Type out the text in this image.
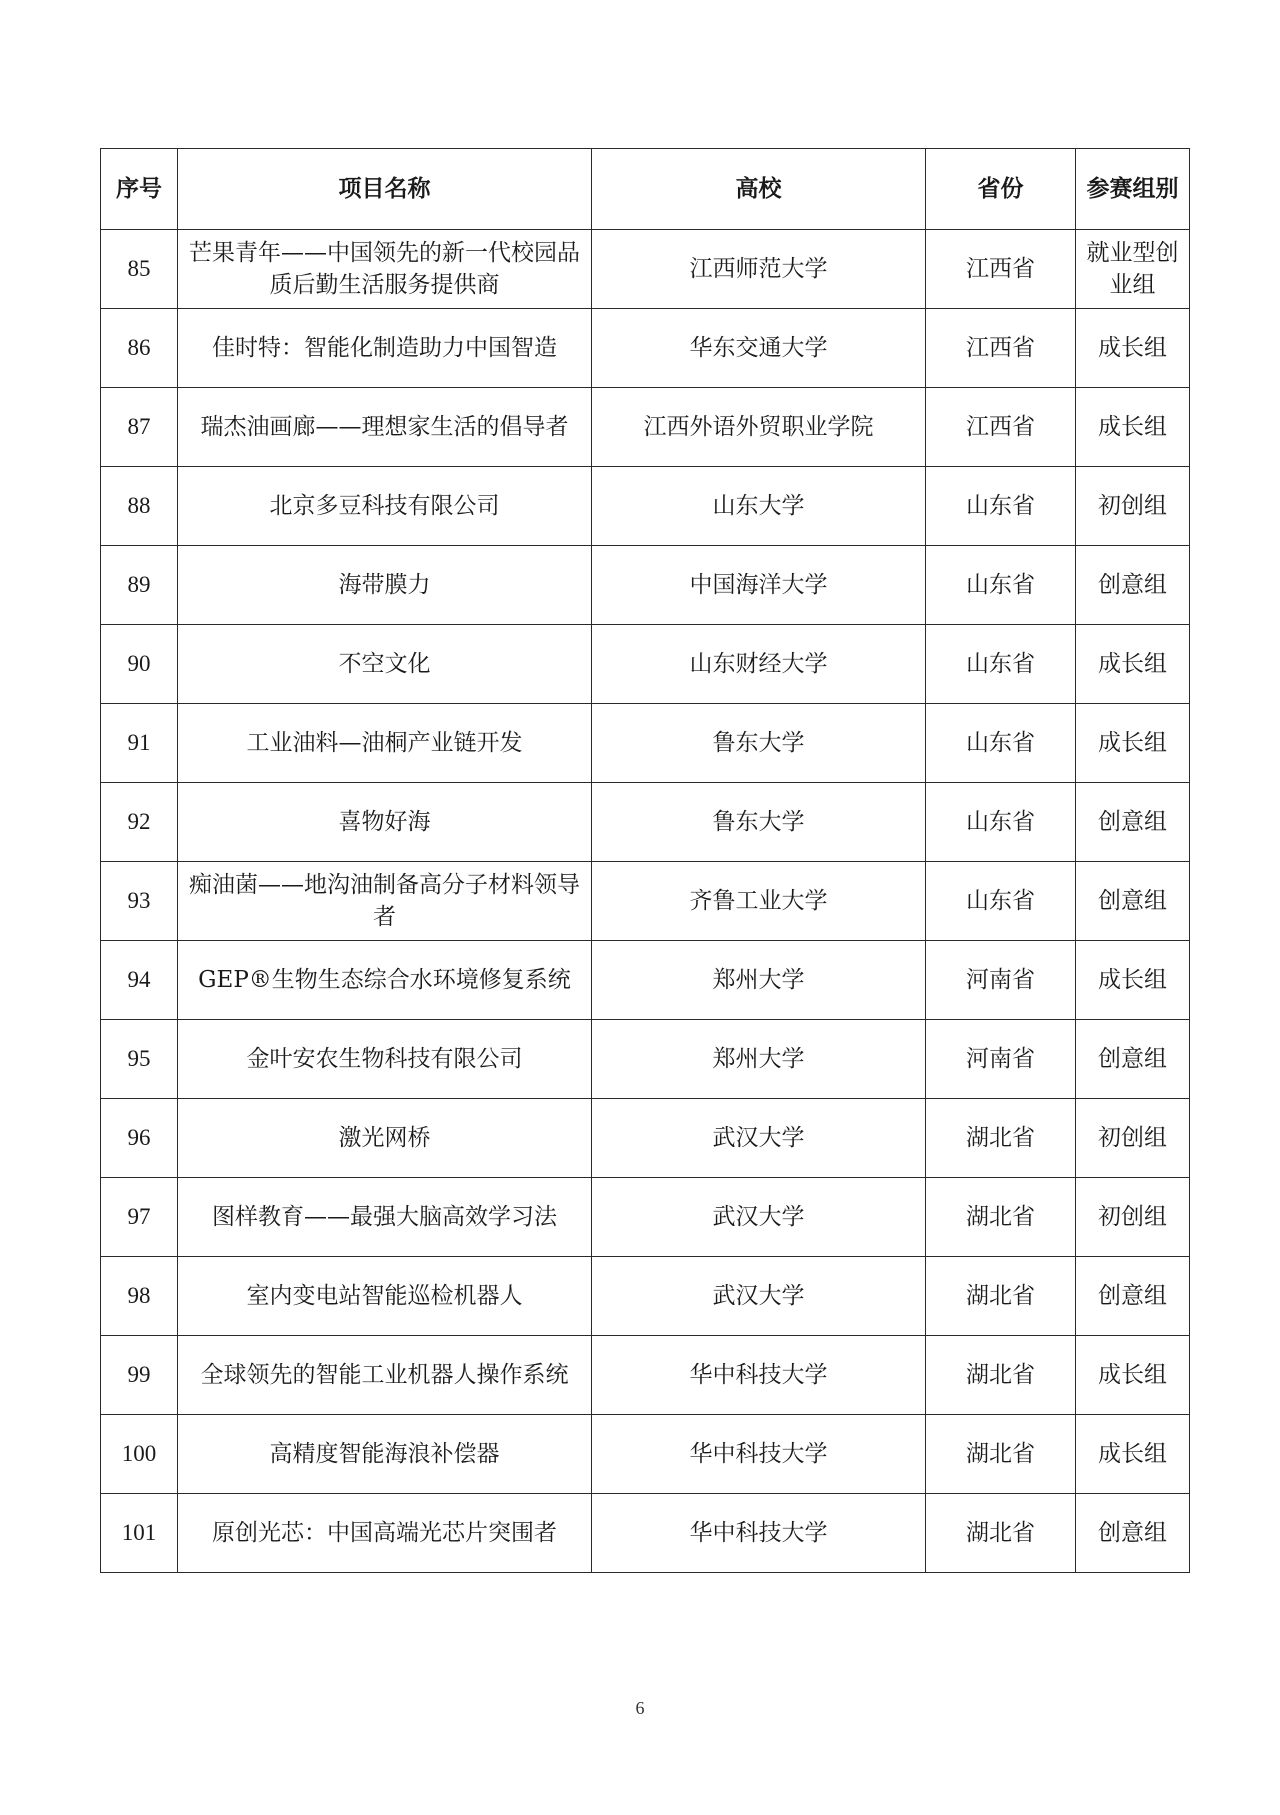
序号	项目名称	高校	省份	参赛组别
85	芒果青年——中国领先的新一代校园品质后勤生活服务提供商	江西师范大学	江西省	就业型创业组
86	佳时特：智能化制造助力中国智造	华东交通大学	江西省	成长组
87	瑞杰油画廊——理想家生活的倡导者	江西外语外贸职业学院	江西省	成长组
88	北京多豆科技有限公司	山东大学	山东省	初创组
89	海带膜力	中国海洋大学	山东省	创意组
90	不空文化	山东财经大学	山东省	成长组
91	工业油料—油桐产业链开发	鲁东大学	山东省	成长组
92	喜物好海	鲁东大学	山东省	创意组
93	痴油菌——地沟油制备高分子材料领导者	齐鲁工业大学	山东省	创意组
94	GEP®生物生态综合水环境修复系统	郑州大学	河南省	成长组
95	金叶安农生物科技有限公司	郑州大学	河南省	创意组
96	激光网桥	武汉大学	湖北省	初创组
97	图样教育——最强大脑高效学习法	武汉大学	湖北省	初创组
98	室内变电站智能巡检机器人	武汉大学	湖北省	创意组
99	全球领先的智能工业机器人操作系统	华中科技大学	湖北省	成长组
100	高精度智能海浪补偿器	华中科技大学	湖北省	成长组
101	原创光芯：中国高端光芯片突围者	华中科技大学	湖北省	创意组
6
